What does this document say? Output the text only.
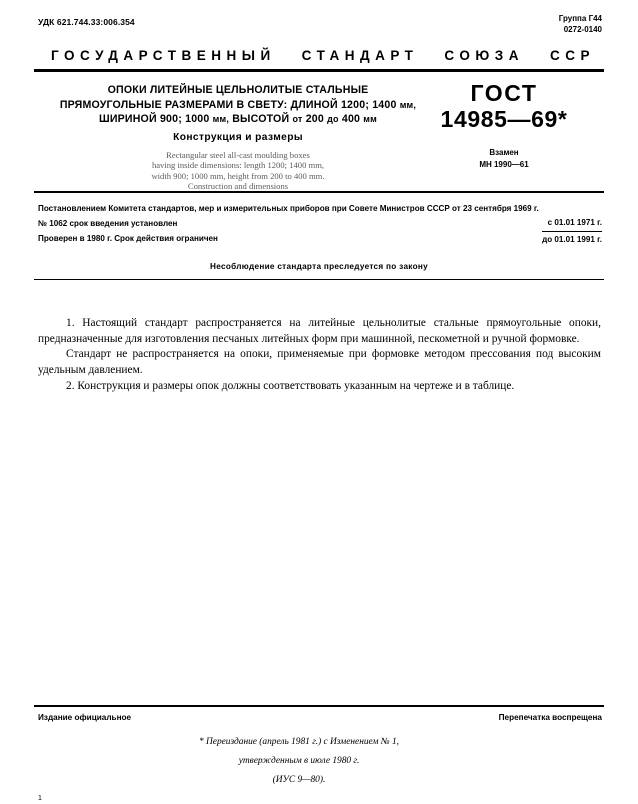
УДК 621.744.33:006.354	Группа Г44
0272-0140
ГОСУДАРСТВЕННЫЙ СТАНДАРТ СОЮЗА ССР
ОПОКИ ЛИТЕЙНЫЕ ЦЕЛЬНОЛИТЫЕ СТАЛЬНЫЕ
ПРЯМОУГОЛЬНЫЕ РАЗМЕРАМИ В СВЕТУ: ДЛИНОЙ 1200; 1400 мм,
ШИРИНОЙ 900; 1000 мм, ВЫСОТОЙ от 200 до 400 мм
Конструкция и размеры
Rectangular steel all-cast moulding boxes
having inside dimensions: length 1200; 1400 mm,
width 900; 1000 mm, height from 200 to 400 mm.
Construction and dimensions
ГОСТ
14985—69*
Взамен
МН 1990—61
Постановлением Комитета стандартов, мер и измерительных приборов при Совете Министров СССР от 23 сентября 1969 г.
№ 1062 срок введения установлен
Проверен в 1980 г. Срок действия ограничен
с 01.01 1971 г.
до 01.01 1991 г.
Несоблюдение стандарта преследуется по закону

1. Настоящий стандарт распространяется на литейные цельнолитые стальные прямоугольные опоки, предназначенные для изготовления песчаных литейных форм при машинной, пескометной и ручной формовке.

Стандарт не распространяется на опоки, применяемые при формовке методом прессования под высоким удельным давлением.

2. Конструкция и размеры опок должны соответствовать указанным на чертеже и в таблице.

Издание официальное	Перепечатка воспрещена
* Переиздание (апрель 1981 г.) с Изменением № 1,
утвержденным в июле 1980 г.
(ИУС 9—80).
1
